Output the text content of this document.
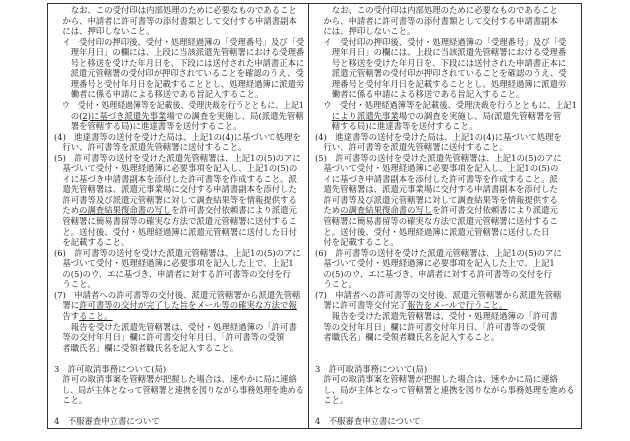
　　なお、この受付印は内部処理のために必要なものであること
　から、申請者に許可書等の添付書類として交付する申請書副本
　には、押印しないこと。
　イ　受付印の押印後、受付・処理経過簿の「受理番号」及び「受
　　理年月日」の欄には、上段に当該派遣先管轄署における受理番
　　号と移送を受けた年月日を、下段には送付された申請書正本に
　　派遣元管轄署の受付印が押印されていることを確認のうえ、受
　　理番号と受付年月日を記載することとし、処理経過簿に派遣労
　　働者に係る申請による移送である旨記入すること。
　ウ　受付・処理経過簿等を記載後、受理決裁を行うとともに、上記1
　　の(2)に基づき派遣先事業場での調査を実施し、局(派遣先管轄
　　署を管轄する局)に進達書等を送付すること。
(4)　進達書等の送付を受けた局は、上記1の(4)に基づいて処理を
　行い、許可書等を派遣先管轄署に送付すること。
(5)　許可書等の送付を受けた派遣先管轄署は、上記1の(5)のアに
　基づいて受付・処理経過簿に必要事項を記入し、上記1の(5)の
　イに基づき申請書副本を添付した許可書等を作成すること。派
　遣先管轄署は、派遣元事業場に交付する申請書副本を添付した
　許可書等及び派遣元管轄署に対して調査結果等を情報提供する
　ための調査結果復命書の写しを許可書交付依頼書により派遣元
　管轄署に簡易書留等の確実な方法で派遣元管轄署に送付するこ
　と。送付後、受付・処理経過簿に派遣元管轄署に送付した日付
　を記載すること。
(6)　許可書等の送付を受けた派遣元管轄署は、上記1の(5)のアに
　基づいて受付・処理経過簿に必要事項を記入した上で、上記1
　の(5)のウ、エに基づき、申請者に対する許可書等の交付を行
　うこと。
(7)　申請者への許可書等の交付後、派遣元管轄署から派遣先管轄
　署に許可書等の交付が完了した旨をメール等の確実な方法で報
　告すること。
　　報告を受けた派遣先管轄署は、受付・処理経過簿の「許可書
　等の交付年月日」欄に許可書交付年月日、「許可書等の受領
　者職氏名」欄に受領者職氏名を記入すること。
3　許可取消事務について(局)
　許可の取消事案を管轄署が把握した場合は、速やかに局に連絡
　し、局が主体となって管轄署と連携を図りながら事務処理を進める
　こと。
4　不服審査申立書について
　　なお、この受付印は内部処理のために必要なものであること
　から、申請者に許可書等の添付書類として交付する申請書副本
　には、押印しないこと。
　イ　受付印の押印後、受付・処理経過簿の「受理番号」及び「受
　　理年月日」の欄には、上段に当該派遣先管轄署における受理番
　　号と移送を受けた年月日を、下段には送付された申請書正本に
　　派遣元管轄署の受付印が押印されていることを確認のうえ、受
　　理番号と受付年月日を記載することとし、処理経過簿に派遣労
　　働者に係る申請による移送である旨記入すること。
　ウ　受付・処理経過簿等を記載後、受理決裁を行うとともに、上記1
　　により派遣先事業場での調査を実施し、局(派遣先管轄署を管
　　轄する局)に進達書等を送付すること。
(4)　進達書等の送付を受けた局は、上記1の(4)に基づいて処理を
　行い、許可書等を派遣先管轄署に送付すること。
(5)　許可書等の送付を受けた派遣先管轄署は、上記1の(5)のアに
　基づいて受付・処理経過簿に必要事項を記入し、上記1の(5)の
　イに基づき申請書副本を添付した許可書等を作成すること。派
　遣先管轄署は、派遣元事業場に交付する申請書副本を添付した
　許可書等及び派遣元管轄署に対して調査結果等を情報提供する
　ための調査結果復命書の写しを許可書交付依頼書により派遣元
　管轄署に簡易書留等の確実な方法で派遣元管轄署に送付するこ
　と。送付後、受付・処理経過簿に派遣元管轄署に送付した日
　付を記載すること。
(6)　許可書等の送付を受けた派遣元管轄署は、上記1の(5)のアに
　基づいて受付・処理経過簿に必要事項を記入した上で、上記1
　の(5)のウ、エに基づき、申請者に対する許可書等の交付を行
　うこと。
(7)　申請者への許可書等の交付後、派遣元管轄署から派遣先管轄
　署に許可書等交付完了報告をメールで行うこと。
　　報告を受けた派遣先管轄署は、受付・処理経過簿の「許可書
　等の交付年月日」欄に許可書交付年月日、「許可書等の受領
　者職氏名」欄に受領者職氏名を記入すること。
3　許可取消事務について(局)
　許可の取消事案を管轄署が把握した場合は、速やかに局に連絡
　し、局が主体となって管轄署と連携を図りながら事務処理を進める
　こと。
4　不服審査申立書について
